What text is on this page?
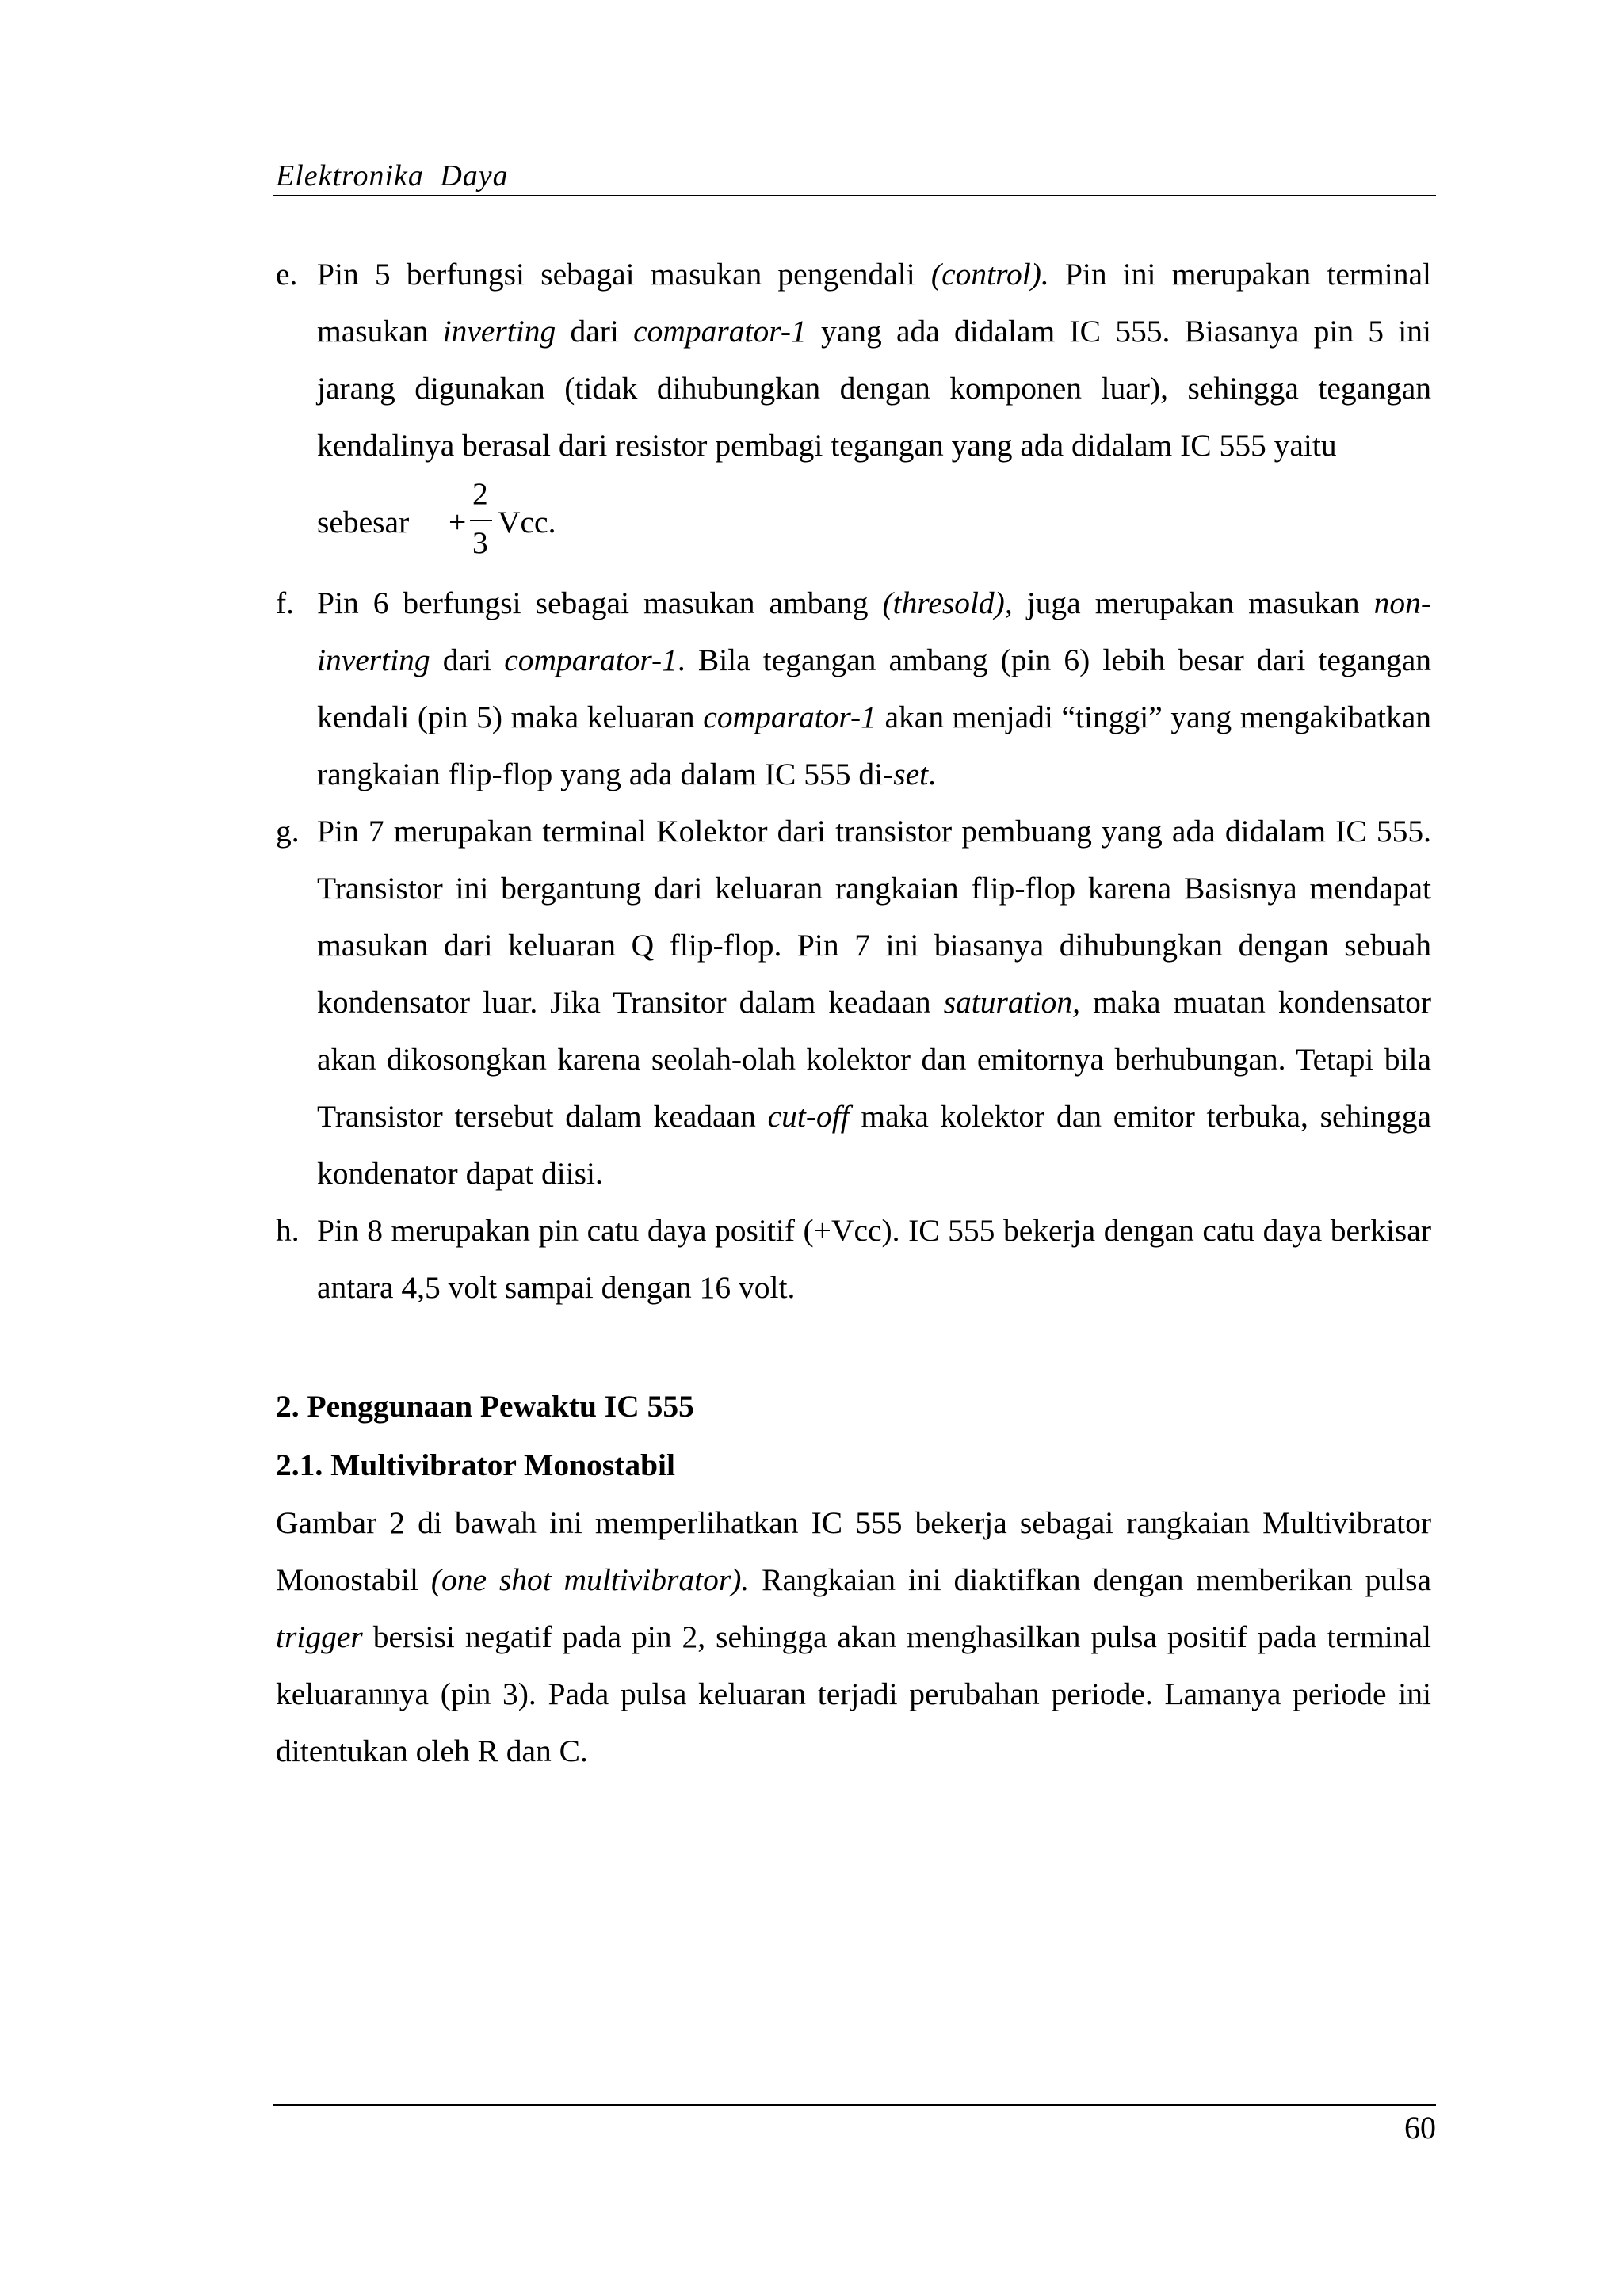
Elektronika Daya
e. Pin 5 berfungsi sebagai masukan pengendali (control). Pin ini merupakan terminal masukan inverting dari comparator-1 yang ada didalam IC 555. Biasanya pin 5 ini jarang digunakan (tidak dihubungkan dengan komponen luar), sehingga tegangan kendalinya berasal dari resistor pembagi tegangan yang ada didalam IC 555 yaitu
sebesar +
2
3
Vcc.
f. Pin 6 berfungsi sebagai masukan ambang (thresold), juga merupakan masukan non-inverting dari comparator-1. Bila tegangan ambang (pin 6) lebih besar dari tegangan kendali (pin 5) maka keluaran comparator-1 akan menjadi “tinggi” yang mengakibatkan rangkaian flip-flop yang ada dalam IC 555 di-set.
g. Pin 7 merupakan terminal Kolektor dari transistor pembuang yang ada didalam IC 555. Transistor ini bergantung dari keluaran rangkaian flip-flop karena Basisnya mendapat masukan dari keluaran Q flip-flop. Pin 7 ini biasanya dihubungkan dengan sebuah kondensator luar. Jika Transitor dalam keadaan saturation, maka muatan kondensator akan dikosongkan karena seolah-olah kolektor dan emitornya berhubungan. Tetapi bila Transistor tersebut dalam keadaan cut-off maka kolektor dan emitor terbuka, sehingga kondenator dapat diisi.
h. Pin 8 merupakan pin catu daya positif (+Vcc). IC 555 bekerja dengan catu daya berkisar antara 4,5 volt sampai dengan 16 volt.
2. Penggunaan Pewaktu IC 555
2.1. Multivibrator Monostabil
Gambar 2 di bawah ini memperlihatkan IC 555 bekerja sebagai rangkaian Multivibrator Monostabil (one shot multivibrator). Rangkaian ini diaktifkan dengan memberikan pulsa trigger bersisi negatif pada pin 2, sehingga akan menghasilkan pulsa positif pada terminal keluarannya (pin 3). Pada pulsa keluaran terjadi perubahan periode. Lamanya periode ini ditentukan oleh R dan C.
60
